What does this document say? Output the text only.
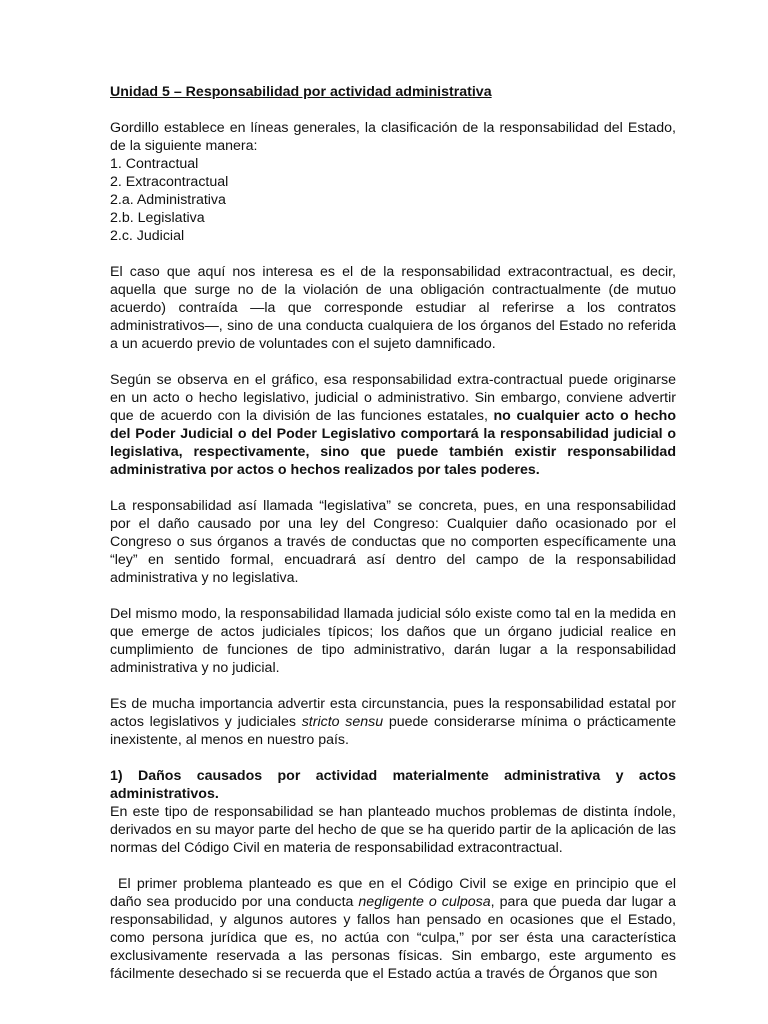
Unidad 5 – Responsabilidad por actividad administrativa

Gordillo establece en líneas generales, la clasificación de la responsabilidad del Estado, de la siguiente manera:

1. Contractual
2. Extracontractual
2.a. Administrativa
2.b. Legislativa
2.c. Judicial

El caso que aquí nos interesa es el de la responsabilidad extracontractual, es decir, aquella que surge no de la violación de una obligación contractualmente (de mutuo acuerdo) contraída —la que corresponde estudiar al referirse a los contratos administrativos—, sino de una conducta cualquiera de los órganos del Estado no referida a un acuerdo previo de voluntades con el sujeto damnificado.

Según se observa en el gráfico, esa responsabilidad extra-contractual puede originarse en un acto o hecho legislativo, judicial o administrativo. Sin embargo, conviene advertir que de acuerdo con la división de las funciones estatales, no cualquier acto o hecho del Poder Judicial o del Poder Legislativo comportará la responsabilidad judicial o legislativa, respectivamente, sino que puede también existir responsabilidad administrativa por actos o hechos realizados por tales poderes.

La responsabilidad así llamada “legislativa” se concreta, pues, en una responsabilidad por el daño causado por una ley del Congreso: Cualquier daño ocasionado por el Congreso o sus órganos a través de conductas que no comporten específicamente una “ley” en sentido formal, encuadrará así dentro del campo de la responsabilidad administrativa y no legislativa.

Del mismo modo, la responsabilidad llamada judicial sólo existe como tal en la medida en que emerge de actos judiciales típicos; los daños que un órgano judicial realice en cumplimiento de funciones de tipo administrativo, darán lugar a la responsabilidad administrativa y no judicial.

Es de mucha importancia advertir esta circunstancia, pues la responsabilidad estatal por actos legislativos y judiciales stricto sensu puede considerarse mínima o prácticamente inexistente, al menos en nuestro país.

1) Daños causados por actividad materialmente administrativa y actos administrativos.

En este tipo de responsabilidad se han planteado muchos problemas de distinta índole, derivados en su mayor parte del hecho de que se ha querido partir de la aplicación de las normas del Código Civil en materia de responsabilidad extracontractual.

El primer problema planteado es que en el Código Civil se exige en principio que el daño sea producido por una conducta negligente o culposa, para que pueda dar lugar a responsabilidad, y algunos autores y fallos han pensado en ocasiones que el Estado, como persona jurídica que es, no actúa con “culpa,” por ser ésta una característica exclusivamente reservada a las personas físicas. Sin embargo, este argumento es fácilmente desechado si se recuerda que el Estado actúa a través de Órganos que son
